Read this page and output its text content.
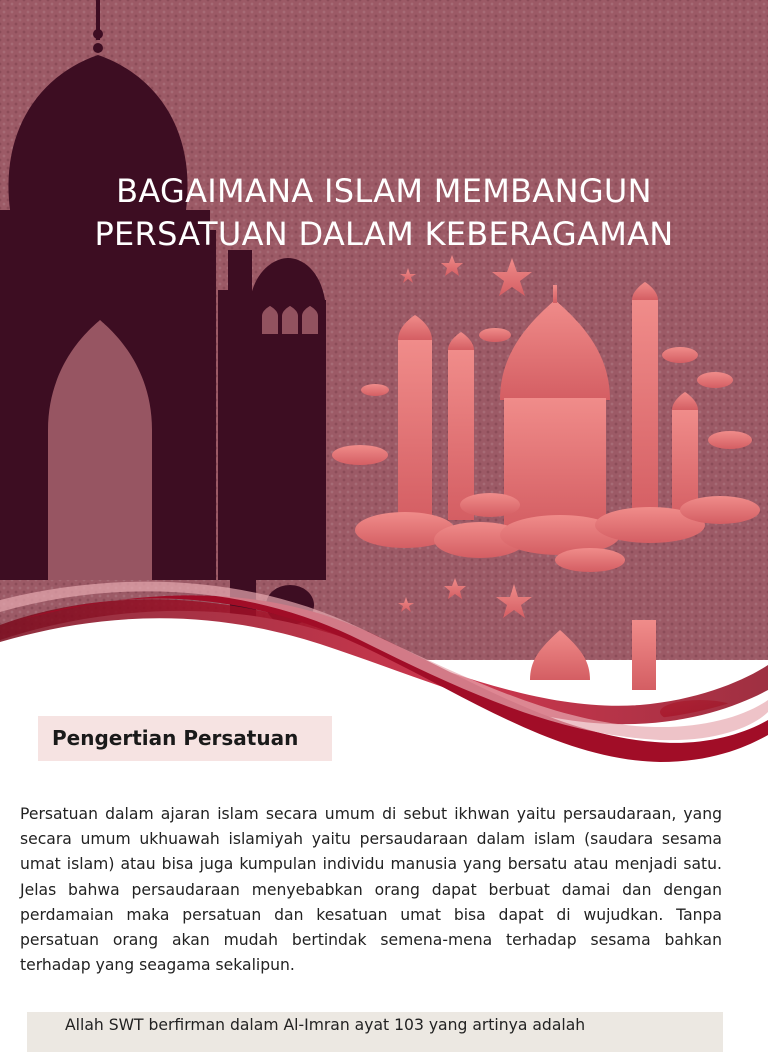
BAGAIMANA ISLAM MEMBANGUN
PERSATUAN DALAM KEBERAGAMAN
Pengertian Persatuan

Persatuan dalam ajaran islam secara umum di sebut ikhwan yaitu persaudaraan, yang secara umum ukhuawah islamiyah yaitu persaudaraan dalam islam (saudara sesama umat islam) atau bisa juga kumpulan individu manusia yang bersatu atau menjadi satu. Jelas bahwa persaudaraan menyebabkan orang dapat berbuat damai dan dengan perdamaian maka persatuan dan kesatuan umat bisa dapat di wujudkan. Tanpa persatuan orang akan mudah bertindak semena-mena terhadap sesama bahkan terhadap yang seagama sekalipun.

Allah SWT berfirman dalam Al-Imran ayat 103 yang artinya adalah
